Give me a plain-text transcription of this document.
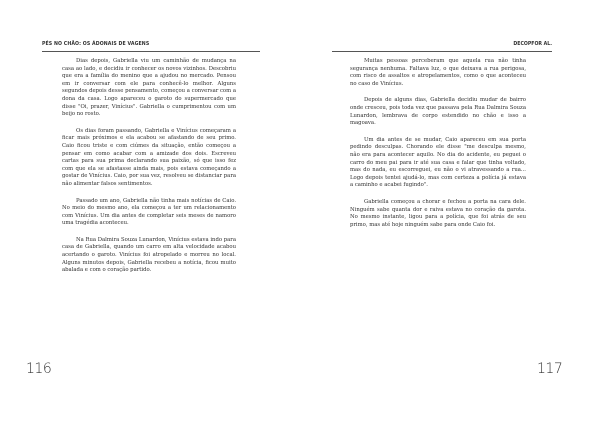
PÉS NO CHÃO: OS ÁDONAIS DE VAGENS

Dias depois, Gabriella viu um caminhão de mudança na casa ao lado, e decidiu ir conhecer os novos vizinhos. Descobriu que era a família do menino que a ajudou no mercado. Pensou em ir conversar com ele para conhecê-lo melhor. Alguns segundos depois desse pensamento, começou a conversar com a dona da casa. Logo apareceu o garoto do supermercado que disse "Oi, prazer, Vinícius". Gabriella o cumprimentou com um beijo no rosto.

Os dias foram passando, Gabriella e Vinícius começaram a ficar mais próximos e ela acabou se afastando de seu primo. Caio ficou triste e com ciúmes da situação, então começou a pensar em como acabar com a amizade dos dois. Escreveu cartas para sua prima declarando sua paixão, só que isso fez com que ela se afastasse ainda mais, pois estava começando a gostar de Vinícius. Caio, por sua vez, resolveu se distanciar para não alimentar falsos sentimentos.

Passado um ano, Gabriella não tinha mais notícias de Caio. No meio do mesmo ano, ela começou a ter um relacionamento com Vinícius. Um dia antes de completar seis meses de namoro uma tragédia aconteceu.

Na Rua Dalmira Souza Lunardon, Vinícius estava indo para casa de Gabriella, quando um carro em alta velocidade acabou acertando o garoto. Vinícius foi atropelado e morreu no local. Alguns minutos depois, Gabriella recebeu a notícia, ficou muito abalada e com o coração partido.

116
DECOPFOR AL.

Muitas pessoas perceberam que aquela rua não tinha segurança nenhuma. Faltava luz, o que deixava a rua perigosa, com risco de assaltos e atropelamentos, como o que aconteceu no caso de Vinícius.

Depois de alguns dias, Gabriella decidiu mudar de bairro onde cresceu, pois toda vez que passava pela Rua Dalmira Souza Lunardon, lembrava de corpo estendido no chão e isso a magoava.

Um dia antes de se mudar, Caio apareceu em sua porta pedindo desculpas. Chorando ele disse "me desculpa mesmo, não era para acontecer aquilo. No dia do acidente, eu peguei o carro do meu pai para ir até sua casa e falar que tinha voltado, mas do nada, eu escorreguei, eu não o vi atravessando a rua... Logo depois tentei ajudá-lo, mas com certeza a polícia já estava a caminho e acabei fugindo".

Gabriella começou a chorar e fechou a porta na cara dele. Ninguém sabe quanta dor e raiva estava no coração da garota. No mesmo instante, ligou para a polícia, que foi atrás de seu primo, mas até hoje ninguém sabe para onde Caio foi.

117
